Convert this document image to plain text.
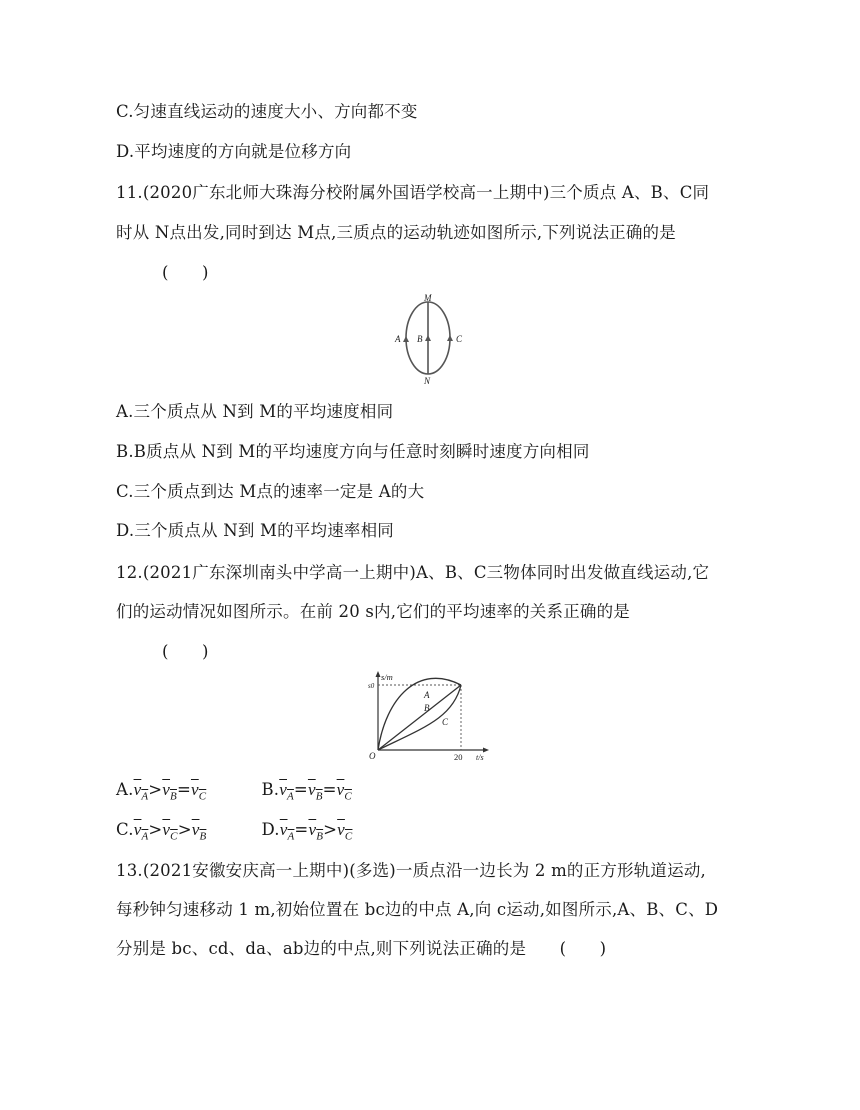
C.匀速直线运动的速度大小、方向都不变
D.平均速度的方向就是位移方向
11.(2020广东北师大珠海分校附属外国语学校高一上期中)三个质点 A、B、C同
时从 N点出发,同时到达 M点,三质点的运动轨迹如图所示,下列说法正确的是
(　　)
M
N
A B	C
A.三个质点从 N到 M的平均速度相同
B.B质点从 N到 M的平均速度方向与任意时刻瞬时速度方向相同
C.三个质点到达 M点的速率一定是 A的大
D.三个质点从 N到 M的平均速率相同
12.(2021广东深圳南头中学高一上期中)A、B、C三物体同时出发做直线运动,它
们的运动情况如图所示。在前 20 s内,它们的平均速率的关系正确的是
(　　)
s/m
s0
O	20 t/s
A
B
C
$A.v_A>v_B=v_C$	$B.v_A=v_B=v_C$
$C.v_A>v_C>v_B$	$D.v_A=v_B>v_C$
13.(2021安徽安庆高一上期中)(多选)一质点沿一边长为 2 m的正方形轨道运动,
每秒钟匀速移动 1 m,初始位置在 bc边的中点 A,向 c运动,如图所示,A、B、C、D
分别是 bc、cd、da、ab边的中点,则下列说法正确的是　　(　　)
